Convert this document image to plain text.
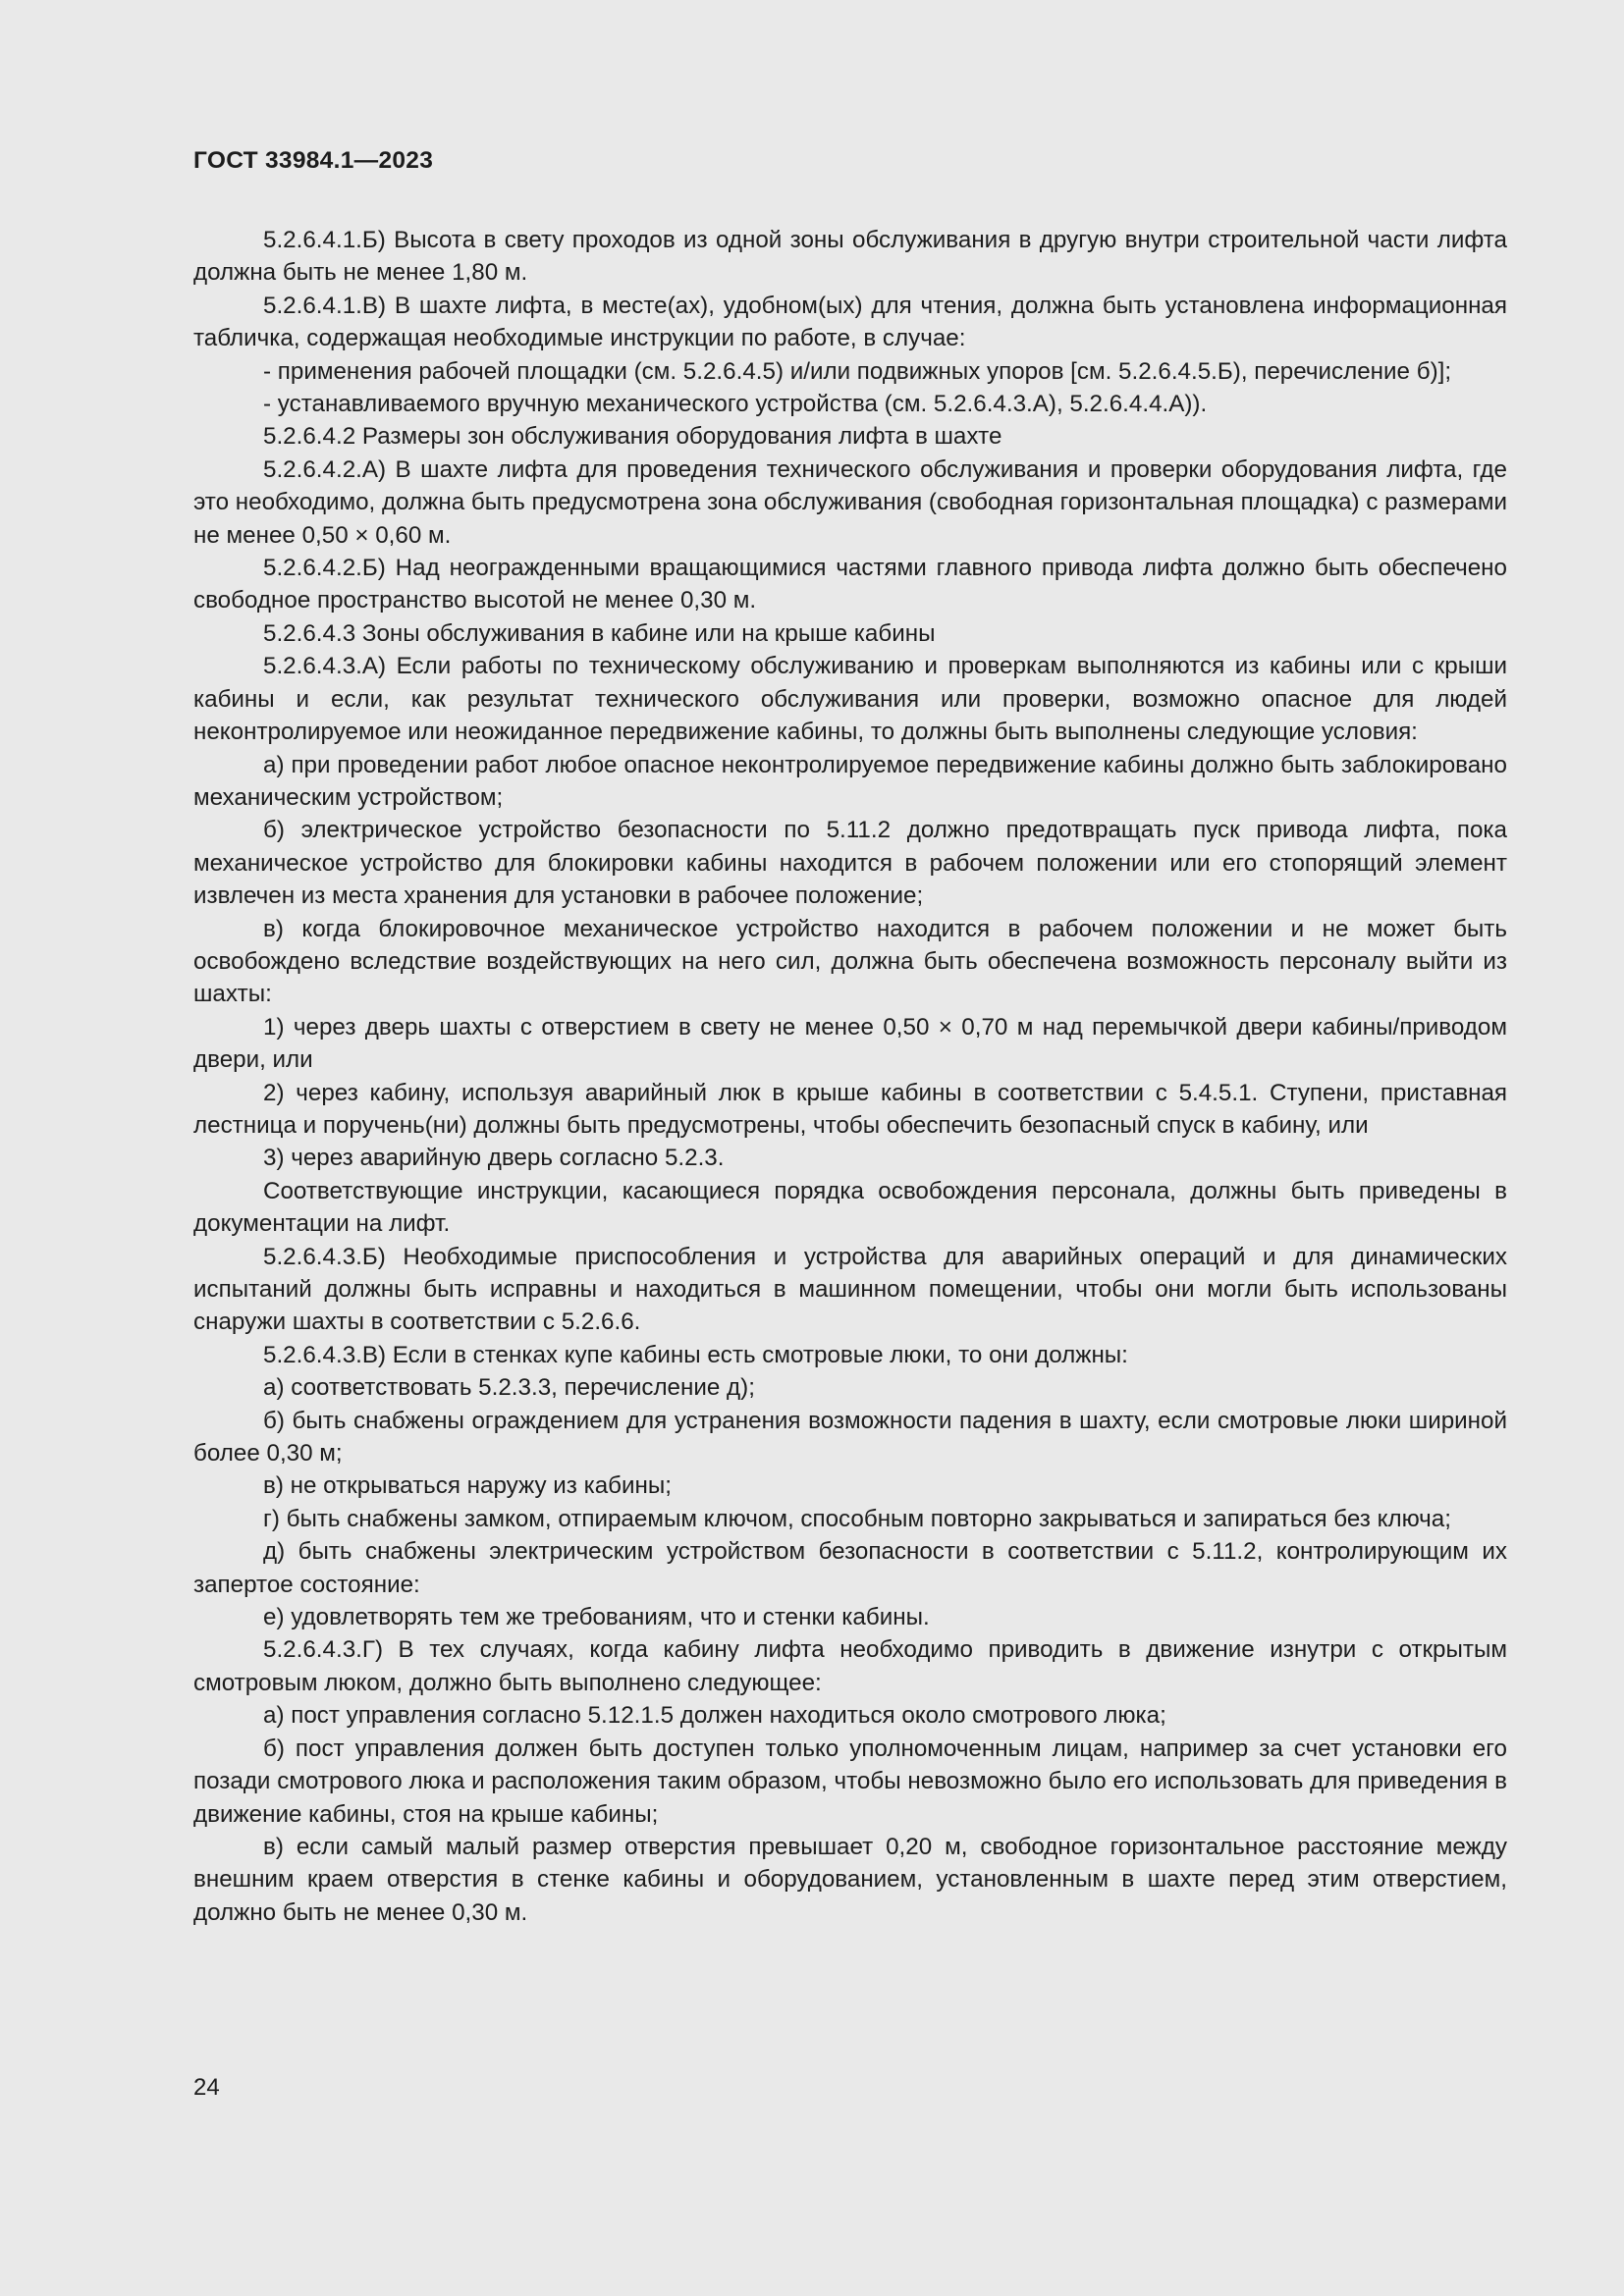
ГОСТ 33984.1—2023

5.2.6.4.1.Б) Высота в свету проходов из одной зоны обслуживания в другую внутри строительной части лифта должна быть не менее 1,80 м.

5.2.6.4.1.В) В шахте лифта, в месте(ах), удобном(ых) для чтения, должна быть установлена информационная табличка, содержащая необходимые инструкции по работе, в случае:

- применения рабочей площадки (см. 5.2.6.4.5) и/или подвижных упоров [см. 5.2.6.4.5.Б), перечисление б)];

- устанавливаемого вручную механического устройства (см. 5.2.6.4.3.А), 5.2.6.4.4.А)).

5.2.6.4.2 Размеры зон обслуживания оборудования лифта в шахте

5.2.6.4.2.А) В шахте лифта для проведения технического обслуживания и проверки оборудования лифта, где это необходимо, должна быть предусмотрена зона обслуживания (свободная горизонтальная площадка) с размерами не менее 0,50 × 0,60 м.

5.2.6.4.2.Б) Над неогражденными вращающимися частями главного привода лифта должно быть обеспечено свободное пространство высотой не менее 0,30 м.

5.2.6.4.3 Зоны обслуживания в кабине или на крыше кабины

5.2.6.4.3.А) Если работы по техническому обслуживанию и проверкам выполняются из кабины или с крыши кабины и если, как результат технического обслуживания или проверки, возможно опасное для людей неконтролируемое или неожиданное передвижение кабины, то должны быть выполнены следующие условия:

а) при проведении работ любое опасное неконтролируемое передвижение кабины должно быть заблокировано механическим устройством;

б) электрическое устройство безопасности по 5.11.2 должно предотвращать пуск привода лифта, пока механическое устройство для блокировки кабины находится в рабочем положении или его стопорящий элемент извлечен из места хранения для установки в рабочее положение;

в) когда блокировочное механическое устройство находится в рабочем положении и не может быть освобождено вследствие воздействующих на него сил, должна быть обеспечена возможность персоналу выйти из шахты:

1) через дверь шахты с отверстием в свету не менее 0,50 × 0,70 м над перемычкой двери кабины/приводом двери, или

2) через кабину, используя аварийный люк в крыше кабины в соответствии с 5.4.5.1. Ступени, приставная лестница и поручень(ни) должны быть предусмотрены, чтобы обеспечить безопасный спуск в кабину, или

3) через аварийную дверь согласно 5.2.3.

Соответствующие инструкции, касающиеся порядка освобождения персонала, должны быть приведены в документации на лифт.

5.2.6.4.3.Б) Необходимые приспособления и устройства для аварийных операций и для динамических испытаний должны быть исправны и находиться в машинном помещении, чтобы они могли быть использованы снаружи шахты в соответствии с 5.2.6.6.

5.2.6.4.3.В) Если в стенках купе кабины есть смотровые люки, то они должны:

а) соответствовать 5.2.3.3, перечисление д);

б) быть снабжены ограждением для устранения возможности падения в шахту, если смотровые люки шириной более 0,30 м;

в) не открываться наружу из кабины;

г) быть снабжены замком, отпираемым ключом, способным повторно закрываться и запираться без ключа;

д) быть снабжены электрическим устройством безопасности в соответствии с 5.11.2, контролирующим их запертое состояние:

е) удовлетворять тем же требованиям, что и стенки кабины.

5.2.6.4.3.Г) В тех случаях, когда кабину лифта необходимо приводить в движение изнутри с открытым смотровым люком, должно быть выполнено следующее:

а) пост управления согласно 5.12.1.5 должен находиться около смотрового люка;

б) пост управления должен быть доступен только уполномоченным лицам, например за счет установки его позади смотрового люка и расположения таким образом, чтобы невозможно было его использовать для приведения в движение кабины, стоя на крыше кабины;

в) если самый малый размер отверстия превышает 0,20 м, свободное горизонтальное расстояние между внешним краем отверстия в стенке кабины и оборудованием, установленным в шахте перед этим отверстием, должно быть не менее 0,30 м.

24
